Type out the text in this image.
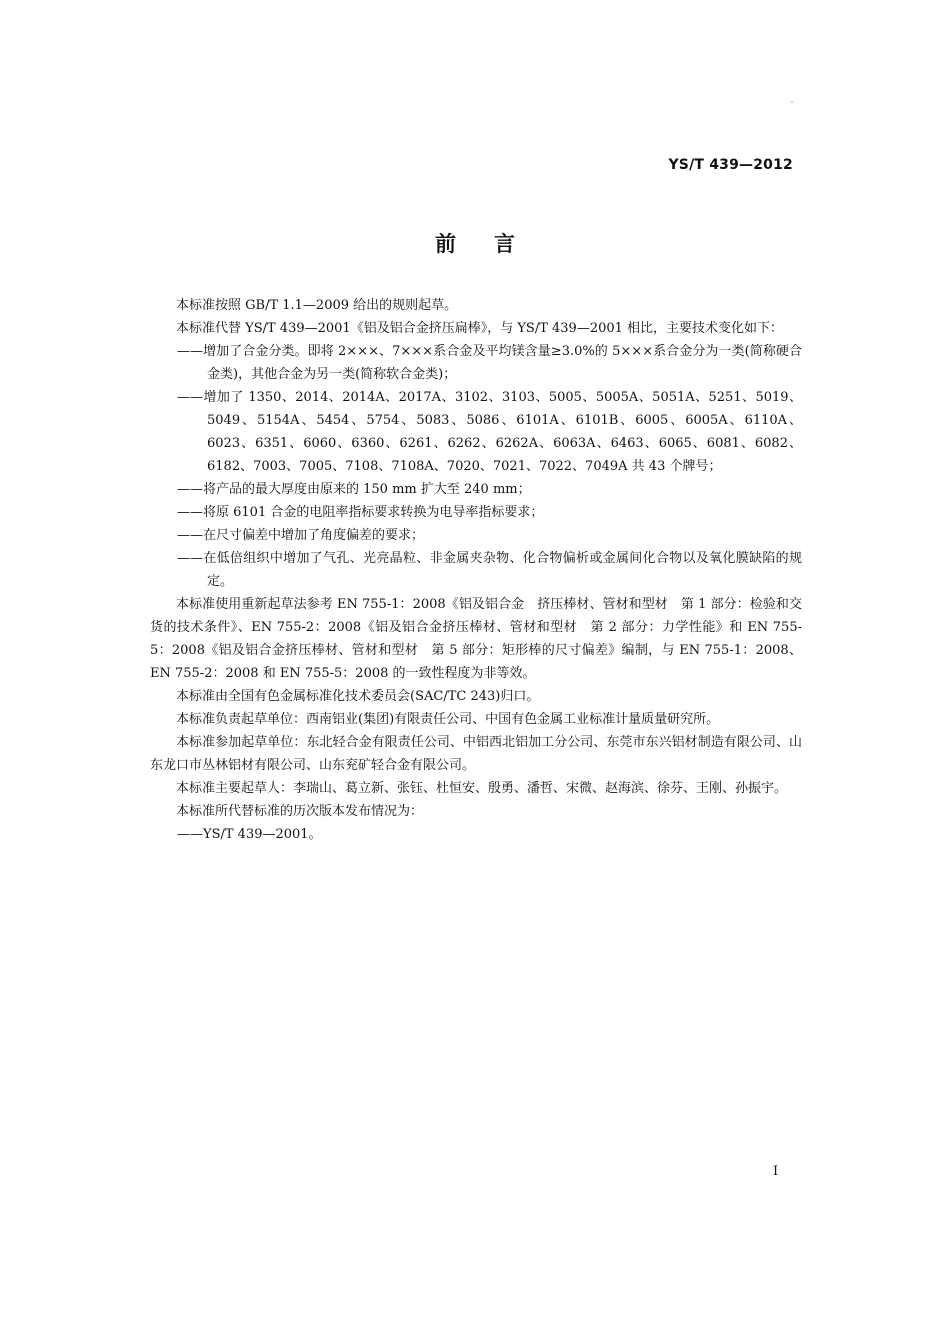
YS/T 439—2012
前言

本标准按照 GB/T 1.1—2009 给出的规则起草。

本标准代替 YS/T 439—2001《铝及铝合金挤压扁棒》，与 YS/T 439—2001 相比，主要技术变化如下：

——增加了合金分类。即将 2×××、7×××系合金及平均镁含量≥3.0%的 5×××系合金分为一类(简称硬合金类)，其他合金为另一类(简称软合金类)；

——增加了 1350、2014、2014A、2017A、3102、3103、5005、5005A、5051A、5251、5019、5049、5154A、5454、5754、5083、5086、6101A、6101B、6005、6005A、6110A、6023、6351、6060、6360、6261、6262、6262A、6063A、6463、6065、6081、6082、6182、7003、7005、7108、7108A、7020、7021、7022、7049A 共 43 个牌号；

——将产品的最大厚度由原来的 150 mm 扩大至 240 mm；

——将原 6101 合金的电阻率指标要求转换为电导率指标要求；

——在尺寸偏差中增加了角度偏差的要求；

——在低倍组织中增加了气孔、光亮晶粒、非金属夹杂物、化合物偏析或金属间化合物以及氧化膜缺陷的规定。

本标准使用重新起草法参考 EN 755-1：2008《铝及铝合金　挤压棒材、管材和型材　第 1 部分：检验和交货的技术条件》、EN 755-2：2008《铝及铝合金挤压棒材、管材和型材　第 2 部分：力学性能》和 EN 755-5：2008《铝及铝合金挤压棒材、管材和型材　第 5 部分：矩形棒的尺寸偏差》编制，与 EN 755-1：2008、EN 755-2：2008 和 EN 755-5：2008 的一致性程度为非等效。

本标准由全国有色金属标准化技术委员会(SAC/TC 243)归口。

本标准负责起草单位：西南铝业(集团)有限责任公司、中国有色金属工业标准计量质量研究所。

本标准参加起草单位：东北轻合金有限责任公司、中铝西北铝加工分公司、东莞市东兴铝材制造有限公司、山东龙口市丛林铝材有限公司、山东兖矿轻合金有限公司。

本标准主要起草人：李瑞山、葛立新、张钰、杜恒安、殷勇、潘哲、宋微、赵海滨、徐芬、王刚、孙振宇。

本标准所代替标准的历次版本发布情况为：

——YS/T 439—2001。

I
